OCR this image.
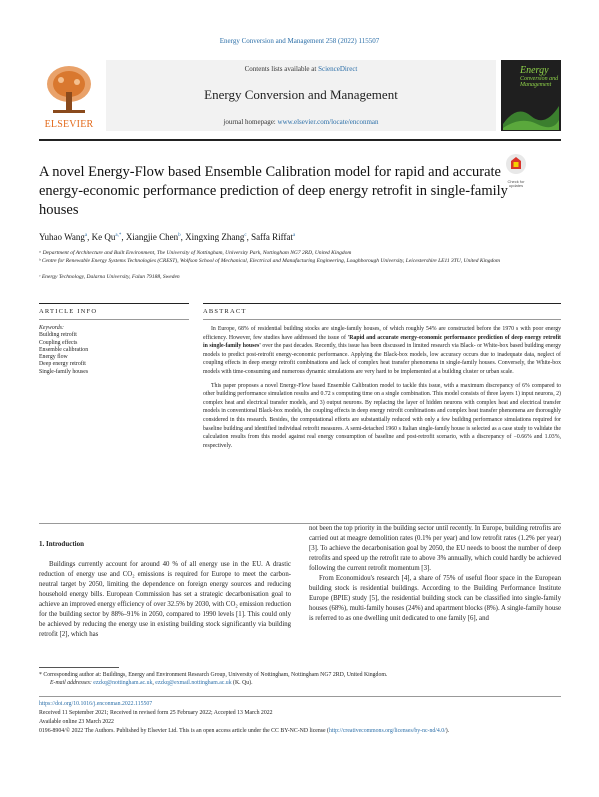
Energy Conversion and Management 258 (2022) 115507
ELSEVIER
Contents lists available at ScienceDirect
Energy Conversion and Management
journal homepage: www.elsevier.com/locate/enconman
Energy
Conversion and Management
A novel Energy-Flow based Ensemble Calibration model for rapid and accurate energy-economic performance prediction of deep energy retrofit in single-family houses
Check for updates
Yuhao Wang$^a$, Ke $Qu^{a,*}$, Xiangjie Chen$^b$, Xingxing Zhang$^c$, Saffa Riffat$^a$
ᵃ Department of Architecture and Built Environment, The University of Nottingham, University Park, Nottingham NG7 2RD, United Kingdom
ᵇ Centre for Renewable Energy Systems Technologies (CREST), Wolfson School of Mechanical, Electrical and Manufacturing Engineering, Loughborough University, Leicestershire LE11 3TU, United Kingdom
ᶜ Energy Technology, Dalarna University, Falun 79188, Sweden
ARTICLE INFO	ABSTRACT
Keywords:
Building retrofit
Coupling effects
Ensemble calibration
Energy flow
Deep energy retrofit
Single-family houses

In Europe, 68% of residential building stocks are single-family houses, of which roughly 54% are constructed before the 1970 s with poor energy efficiency. However, few studies have addressed the issue of 'Rapid and accurate energy-economic performance prediction of deep energy retrofit in single-family houses' over the past decades. Recently, this issue has been discussed in limited research via Black- or White-box based building energy models to predict post-retrofit energy-economic performance. Applying the Black-box models, low accuracy occurs due to inadequate data, neglect of coupling effects in deep energy retrofit combinations and lack of complex heat transfer phenomena in single-family houses. Conversely, the White-box models with time-consuming and numerous dynamic simulations are very hard to be implemented at a building cluster or urban scale.

This paper proposes a novel Energy-Flow based Ensemble Calibration model to tackle this issue, with a maximum discrepancy of 6% compared to other building performance simulation results and 0.72 s computing time on a single combination. This model consists of three layers 1) input neurons, 2) complex heat and electrical transfer models, and 3) output neurons. By replacing the layer of hidden neurons with complex heat and electrical transfer models in conventional Black-box models, the coupling effects in deep energy retrofit combinations and complex heat transfer phenomena are thoroughly considered in this research. Besides, the computational efforts are substantially reduced with only a few building performance simulations required for baseline building and identified individual retrofit measures. A semi-detached 1960 s Italian single-family house is selected as a case study to validate the calculation results from this model against real energy consumption of baseline and post-retrofit scenario, with a discrepancy of −0.66% and 1.03%, respectively.

1. Introduction

Buildings currently account for around 40 % of all energy use in the EU. A drastic reduction of energy use and CO₂ emissions is required for Europe to meet the carbon-neutral target by 2050, limiting the dependence on foreign energy sources and reducing household energy bills. European Commission has set a strategic decarbonisation goal to achieve an improved energy efficiency of over 32.5% by 2030, with CO₂ emission reduction for the building sector by 88%–91% in 2050, compared to 1990 levels [1]. This could only be achieved by reducing the energy use in existing building stock significantly via building retrofit [2], which has

not been the top priority in the building sector until recently. In Europe, building retrofits are carried out at meagre demolition rates (0.1% per year) and low retrofit rates (1.2% per year) [3]. To achieve the decarbonisation goal by 2050, the EU needs to boost the number of deep retrofits and speed up the retrofit rate to above 3% annually, which could hardly be achieved following the current retrofit momentum [3].

From Economidou's research [4], a share of 75% of useful floor space in the European building stock is residential buildings. According to the Building Performance Institute Europe (BPIE) study [5], the residential building stock can be classified into single-family houses (68%), multi-family houses (24%) and apartment blocks (8%). A single-family house is referred to as one dwelling unit dedicated to one family [6], and

* Corresponding author at: Buildings, Energy and Environment Research Group, University of Nottingham, Nottingham NG7 2RD, United Kingdom.
E-mail addresses: ezzkq@nottingham.ac.uk, ezzkq@exmail.nottingham.ac.uk (K. Qu).
https://doi.org/10.1016/j.enconman.2022.115507
Received 11 September 2021; Received in revised form 25 February 2022; Accepted 13 March 2022
Available online 23 March 2022
0196-8904/© 2022 The Authors. Published by Elsevier Ltd. This is an open access article under the CC BY-NC-ND license (http://creativecommons.org/licenses/by-nc-nd/4.0/).
